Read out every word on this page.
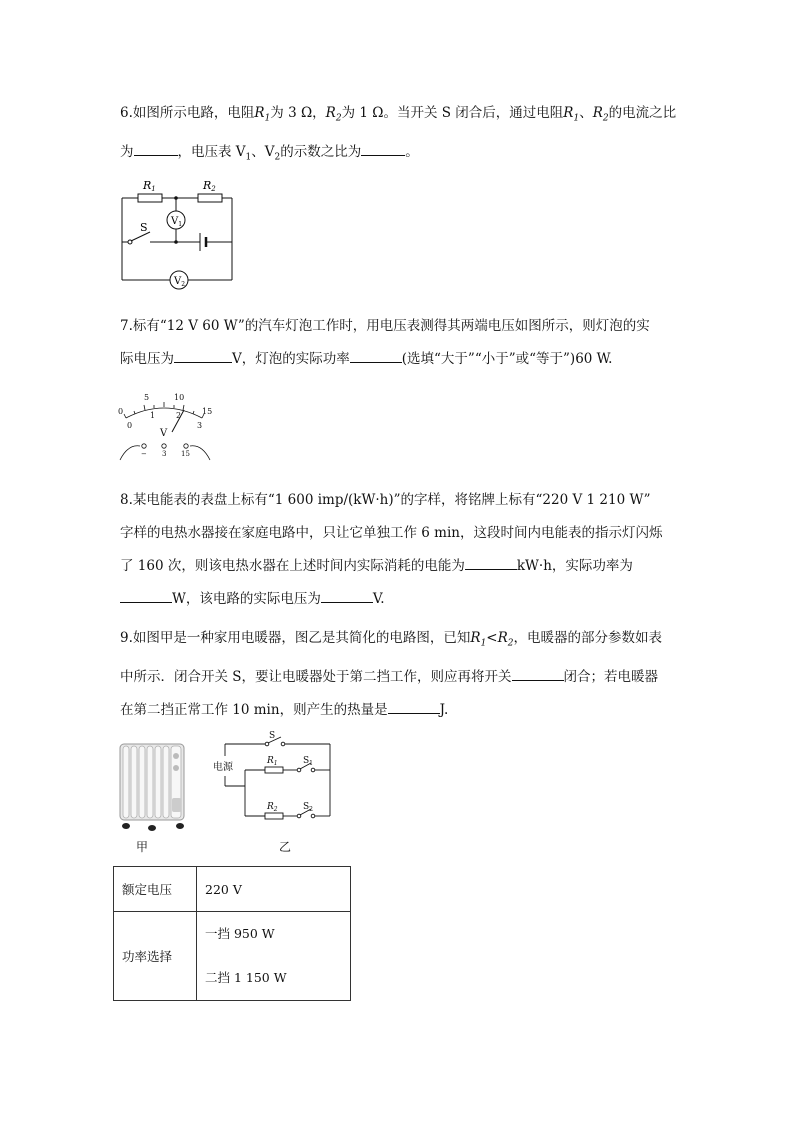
6.如图所示电路，电阻$R_1$为 3 Ω，$R_2$为 1 Ω。当开关 S 闭合后，通过电阻$R_1$、$R_2$的电流之比
为	，电压表 $V_1$、$V_2$的示数之比为	。
R1	R2
S $V_1$
$V_2$
7.标有“12 V 60 W”的汽车灯泡工作时，用电压表测得其两端电压如图所示，则灯泡的实
际电压为	V，灯泡的实际功率	(选填“大于”“小于”或“等于”)60 W.
0
5	10
15
0
1	2
3
V
− 3 15
8.某电能表的表盘上标有“1 600 imp/(kW·h)”的字样，将铭牌上标有“220 V 1 210 W”
字样的电热水器接在家庭电路中，只让它单独工作 6 min，这段时间内电能表的指示灯闪烁
了 160 次，则该电热水器在上述时间内实际消耗的电能为	kW·h，实际功率为
W，该电路的实际电压为	V.
9.如图甲是一种家用电暖器，图乙是其简化的电路图，已知$R_1<R_2$，电暖器的部分参数如表
中所示．闭合开关 S，要让电暖器处于第二挡工作，则应再将开关	闭合；若电暖器
在第二挡正常工作 10 min，则产生的热量是	J.
S
电源
$R_1$	$S_1$
$R_2$	$S_2$
甲	乙
额定电压	220 V
功率选择	一挡 950 W
二挡 1 150 W
